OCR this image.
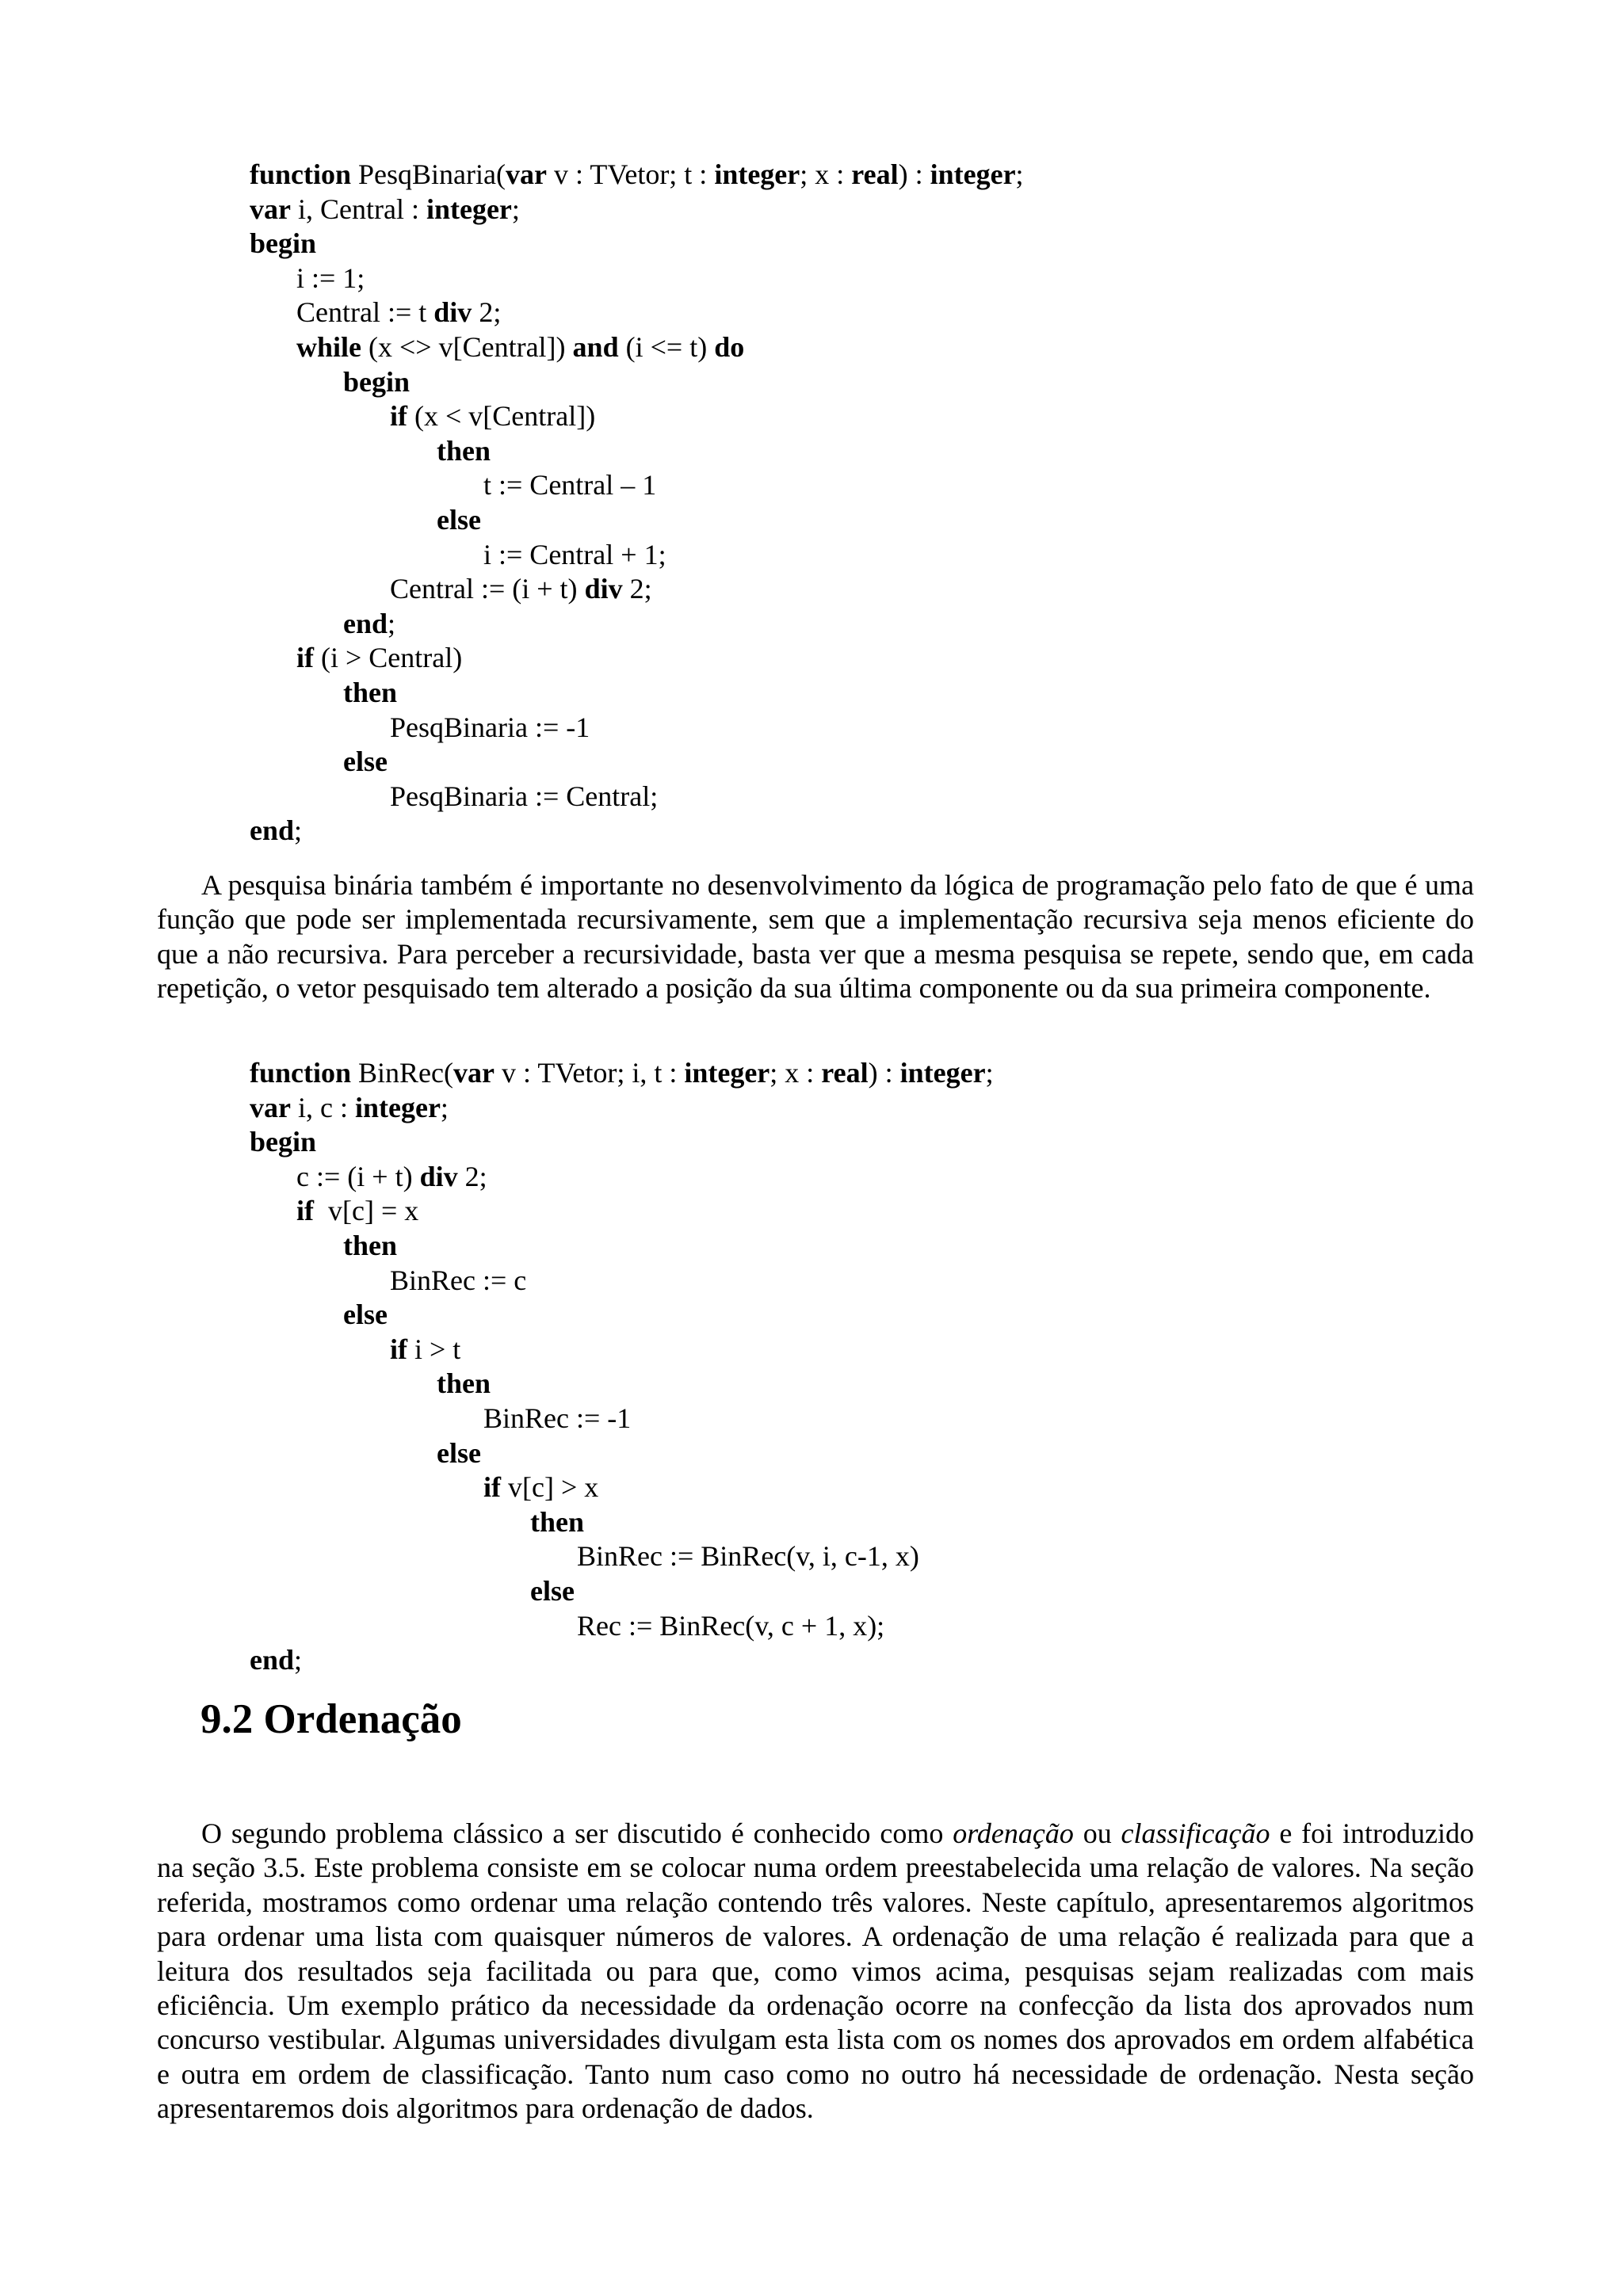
function PesqBinaria(var v : TVetor; t : integer; x : real) : integer;
var i, Central : integer;
begin
i := 1;
Central := t div 2;
while (x <> v[Central]) and (i <= t) do
begin
if (x < v[Central])
then
t := Central – 1
else
i := Central + 1;
Central := (i + t) div 2;
end;
if (i > Central)
then
PesqBinaria := -1
else
PesqBinaria := Central;
end;

A pesquisa binária também é importante no desenvolvimento da lógica de programação pelo fato de que é uma função que pode ser implementada recursivamente, sem que a implementação recursiva seja menos eficiente do que a não recursiva. Para perceber a recursividade, basta ver que a mesma pesquisa se repete, sendo que, em cada repetição, o vetor pesquisado tem alterado a posição da sua última componente ou da sua primeira componente.

function BinRec(var v : TVetor; i, t : integer; x : real) : integer;
var i, c : integer;
begin
c := (i + t) div 2;
if  v[c] = x
then
BinRec := c
else
if i > t
then
BinRec := -1
else
if v[c] > x
then
BinRec := BinRec(v, i, c-1, x)
else
Rec := BinRec(v, c + 1, x);
end;
9.2 Ordenação

O segundo problema clássico a ser discutido é conhecido como ordenação ou classificação e foi introduzido na seção 3.5. Este problema consiste em se colocar numa ordem preestabelecida uma relação de valores. Na seção referida, mostramos como ordenar uma relação contendo três valores. Neste capítulo, apresentaremos algoritmos para ordenar uma lista com quaisquer números de valores. A ordenação de uma relação é realizada para que a leitura dos resultados seja facilitada ou para que, como vimos acima, pesquisas sejam realizadas com mais eficiência. Um exemplo prático da necessidade da ordenação ocorre na confecção da lista dos aprovados num concurso vestibular. Algumas universidades divulgam esta lista com os nomes dos aprovados em ordem alfabética e outra em ordem de classificação. Tanto num caso como no outro há necessidade de ordenação. Nesta seção apresentaremos dois algoritmos para ordenação de dados.
